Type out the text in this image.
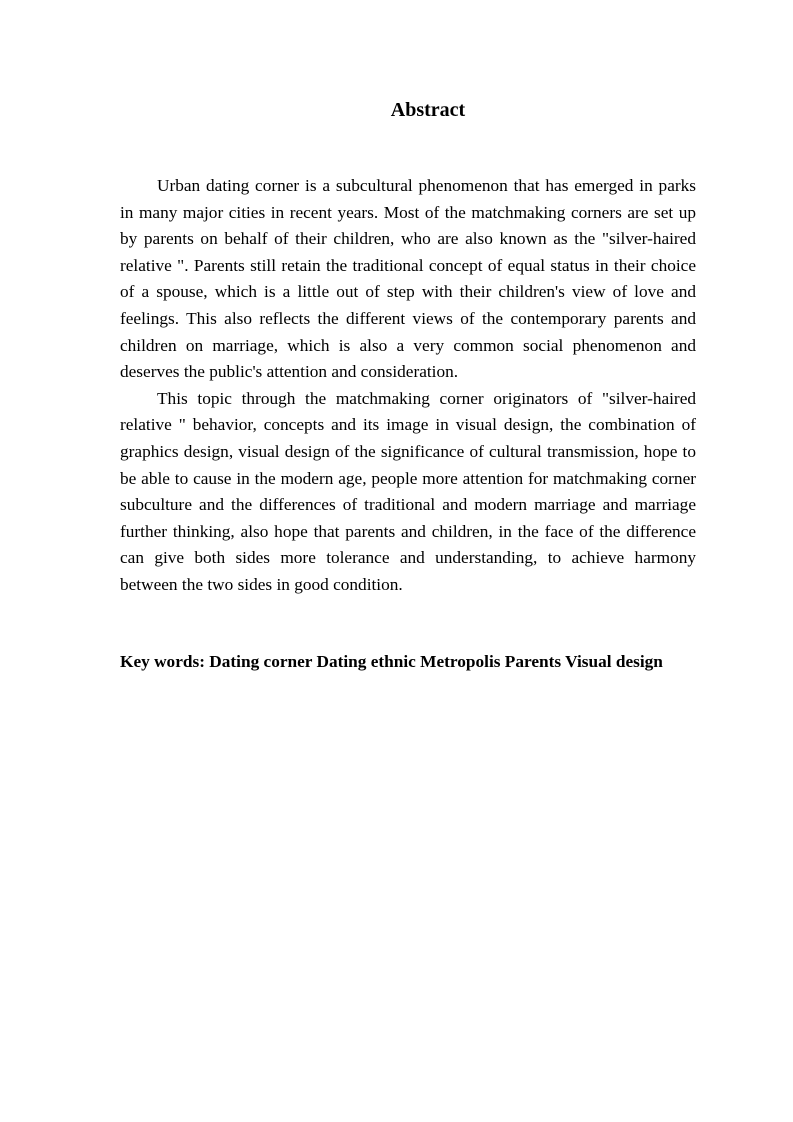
Abstract

Urban dating corner is a subcultural phenomenon that has emerged in parks in many major cities in recent years. Most of the matchmaking corners are set up by parents on behalf of their children, who are also known as the "silver-haired relative ". Parents still retain the traditional concept of equal status in their choice of a spouse, which is a little out of step with their children's view of love and feelings. This also reflects the different views of the contemporary parents and children on marriage, which is also a very common social phenomenon and deserves the public's attention and consideration.

This topic through the matchmaking corner originators of "silver-haired relative " behavior, concepts and its image in visual design, the combination of graphics design, visual design of the significance of cultural transmission, hope to be able to cause in the modern age, people more attention for matchmaking corner subculture and the differences of traditional and modern marriage and marriage further thinking, also hope that parents and children, in the face of the difference can give both sides more tolerance and understanding, to achieve harmony between the two sides in good condition.

Key words: Dating corner Dating ethnic Metropolis Parents Visual design
